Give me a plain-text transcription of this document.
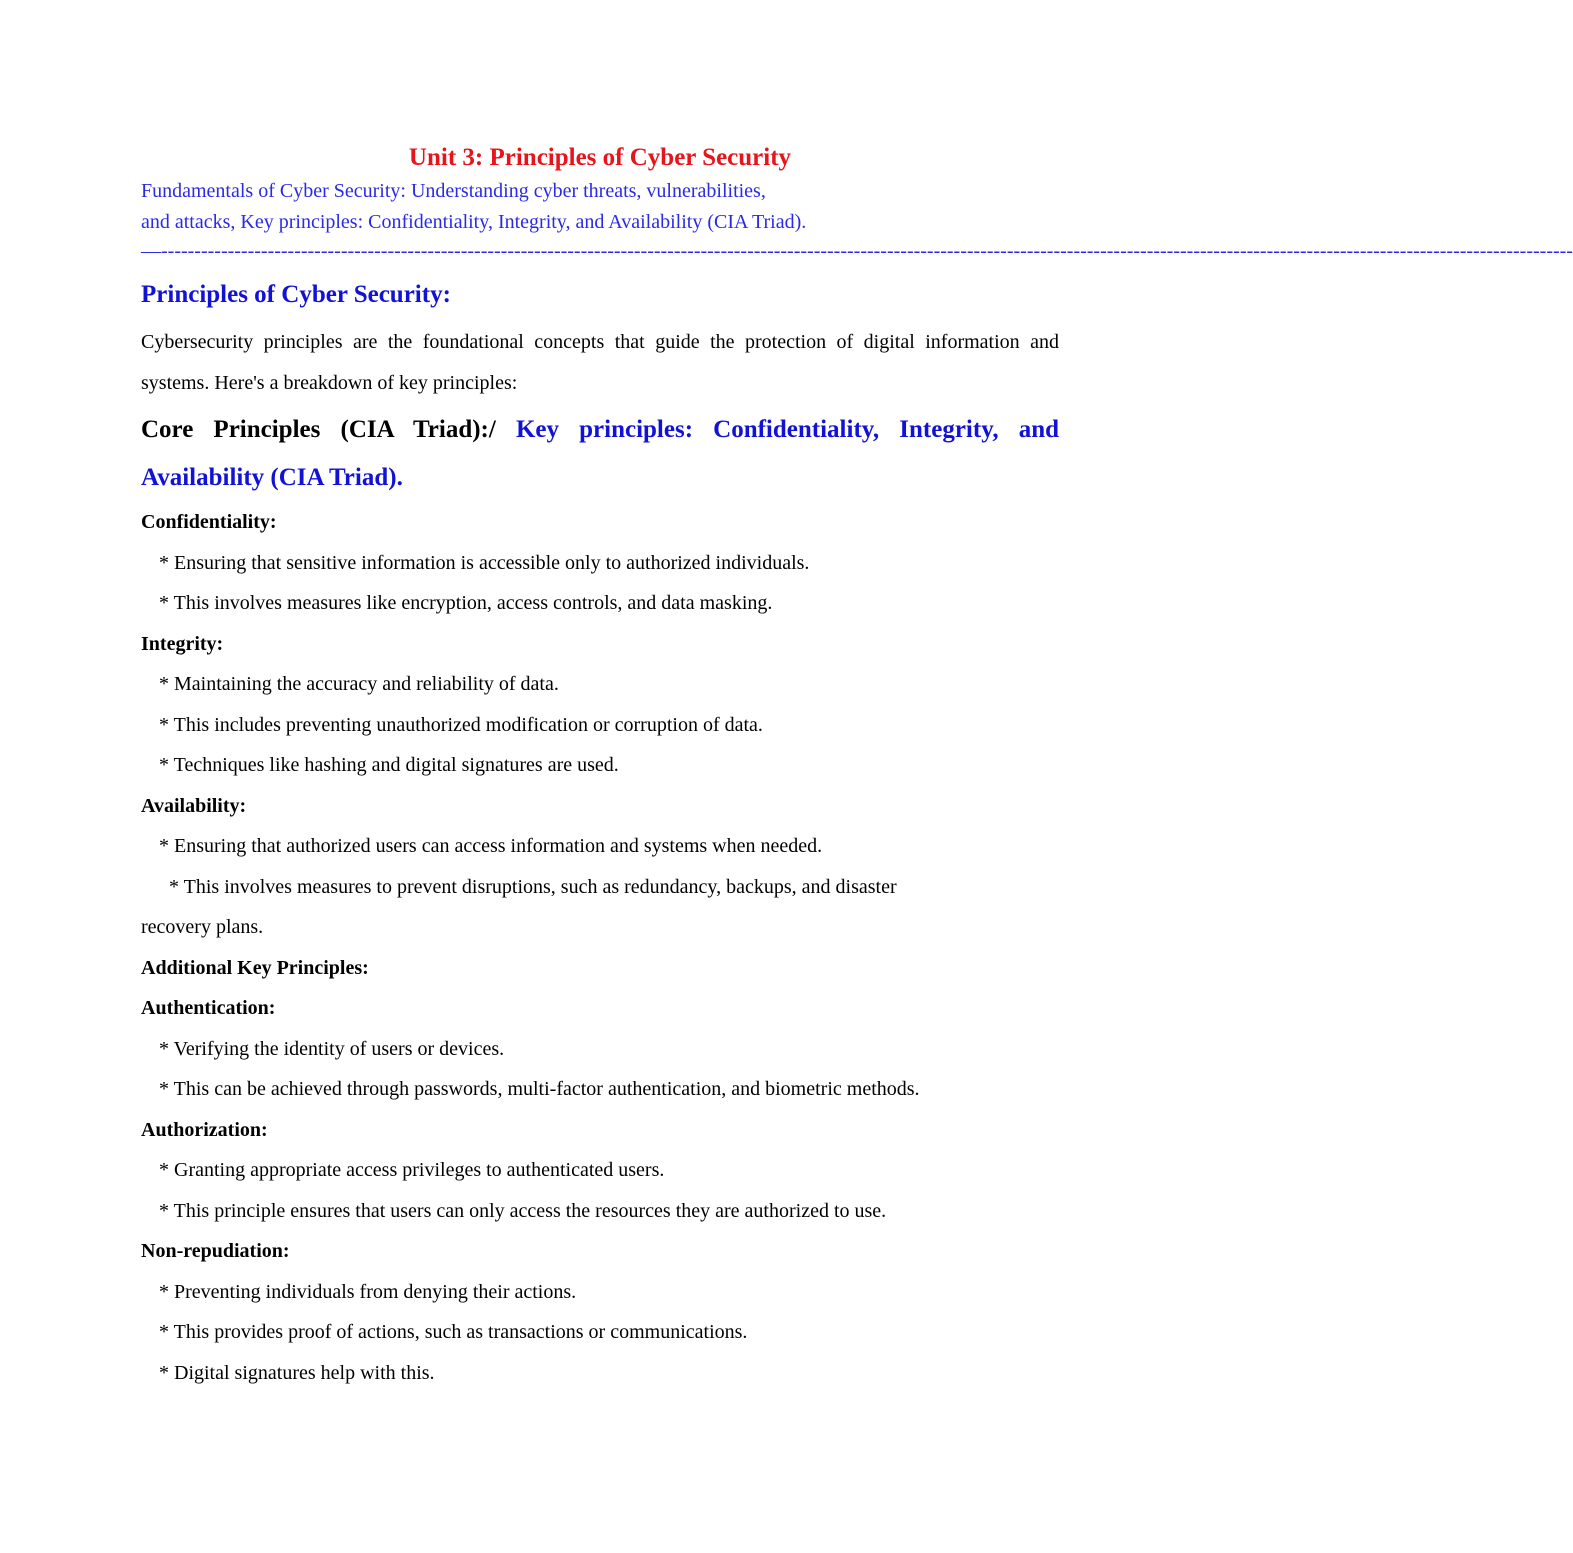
Unit 3: Principles of Cyber Security

Fundamentals of Cyber Security: Understanding cyber threats, vulnerabilities,

and attacks, Key principles: Confidentiality, Integrity, and Availability (CIA Triad).

—--------------------------------------------------------------------------------------------------------------------------------------------------------------------------------------------------------------------
Principles of Cyber Security:

Cybersecurity principles are the foundational concepts that guide the protection of digital information and systems. Here's a breakdown of key principles:

Core Principles (CIA Triad):/ Key principles: Confidentiality, Integrity, and Availability (CIA Triad).

Confidentiality:

* Ensuring that sensitive information is accessible only to authorized individuals.

* This involves measures like encryption, access controls, and data masking.

Integrity:

* Maintaining the accuracy and reliability of data.

* This includes preventing unauthorized modification or corruption of data.

* Techniques like hashing and digital signatures are used.

Availability:

* Ensuring that authorized users can access information and systems when needed.

* This involves measures to prevent disruptions, such as redundancy, backups, and disaster

recovery plans.

Additional Key Principles:

Authentication:

* Verifying the identity of users or devices.

* This can be achieved through passwords, multi-factor authentication, and biometric methods.

Authorization:

* Granting appropriate access privileges to authenticated users.

* This principle ensures that users can only access the resources they are authorized to use.

Non-repudiation:

* Preventing individuals from denying their actions.

* This provides proof of actions, such as transactions or communications.

* Digital signatures help with this.
